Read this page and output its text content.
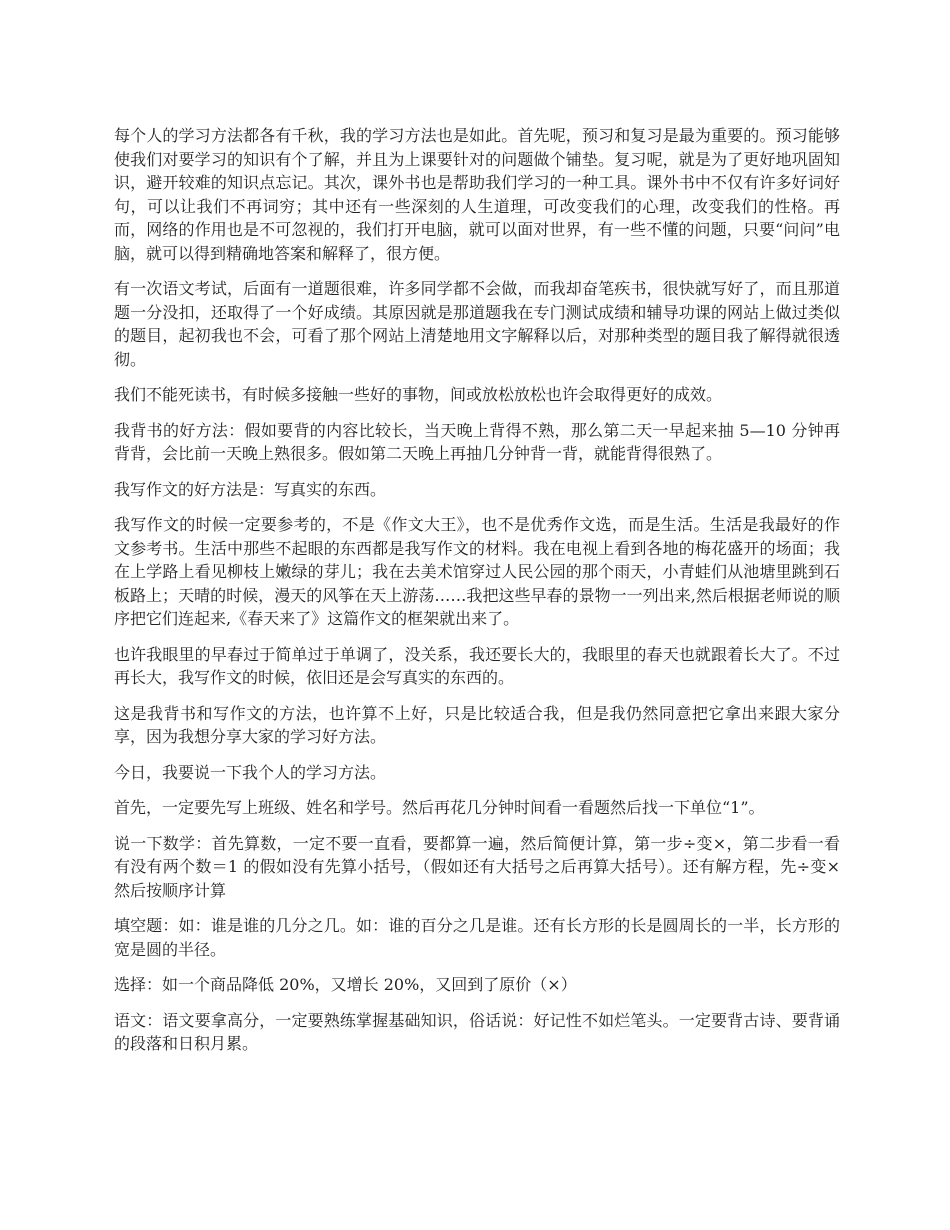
每个人的学习方法都各有千秋，我的学习方法也是如此。首先呢，预习和复习是最为重要的。预习能够使我们对要学习的知识有个了解，并且为上课要针对的问题做个铺垫。复习呢，就是为了更好地巩固知识，避开较难的知识点忘记。其次，课外书也是帮助我们学习的一种工具。课外书中不仅有许多好词好句，可以让我们不再词穷；其中还有一些深刻的人生道理，可改变我们的心理，改变我们的性格。再而，网络的作用也是不可忽视的，我们打开电脑，就可以面对世界，有一些不懂的问题，只要“问问”电脑，就可以得到精确地答案和解释了，很方便。

有一次语文考试，后面有一道题很难，许多同学都不会做，而我却奋笔疾书，很快就写好了，而且那道题一分没扣，还取得了一个好成绩。其原因就是那道题我在专门测试成绩和辅导功课的网站上做过类似的题目，起初我也不会，可看了那个网站上清楚地用文字解释以后，对那种类型的题目我了解得就很透彻。

我们不能死读书，有时候多接触一些好的事物，间或放松放松也许会取得更好的成效。

我背书的好方法：假如要背的内容比较长，当天晚上背得不熟，那么第二天一早起来抽 5—10 分钟再背背，会比前一天晚上熟很多。假如第二天晚上再抽几分钟背一背，就能背得很熟了。

我写作文的好方法是：写真实的东西。

我写作文的时候一定要参考的，不是《作文大王》，也不是优秀作文选，而是生活。生活是我最好的作文参考书。生活中那些不起眼的东西都是我写作文的材料。我在电视上看到各地的梅花盛开的场面；我在上学路上看见柳枝上嫩绿的芽儿；我在去美术馆穿过人民公园的那个雨天，小青蛙们从池塘里跳到石板路上；天晴的时候，漫天的风筝在天上游荡……我把这些早春的景物一一列出来,然后根据老师说的顺序把它们连起来,《春天来了》这篇作文的框架就出来了。

也许我眼里的早春过于简单过于单调了，没关系，我还要长大的，我眼里的春天也就跟着长大了。不过再长大，我写作文的时候，依旧还是会写真实的东西的。

这是我背书和写作文的方法，也许算不上好，只是比较适合我，但是我仍然同意把它拿出来跟大家分享，因为我想分享大家的学习好方法。

今日，我要说一下我个人的学习方法。

首先，一定要先写上班级、姓名和学号。然后再花几分钟时间看一看题然后找一下单位“1”。

说一下数学：首先算数，一定不要一直看，要都算一遍，然后简便计算，第一步÷变×，第二步看一看有没有两个数＝1 的假如没有先算小括号，（假如还有大括号之后再算大括号）。还有解方程，先÷变×然后按顺序计算

填空题：如：谁是谁的几分之几。如：谁的百分之几是谁。还有长方形的长是圆周长的一半，长方形的宽是圆的半径。

选择：如一个商品降低 20%，又增长 20%，又回到了原价（×）

语文：语文要拿高分，一定要熟练掌握基础知识，俗话说：好记性不如烂笔头。一定要背古诗、要背诵的段落和日积月累。
